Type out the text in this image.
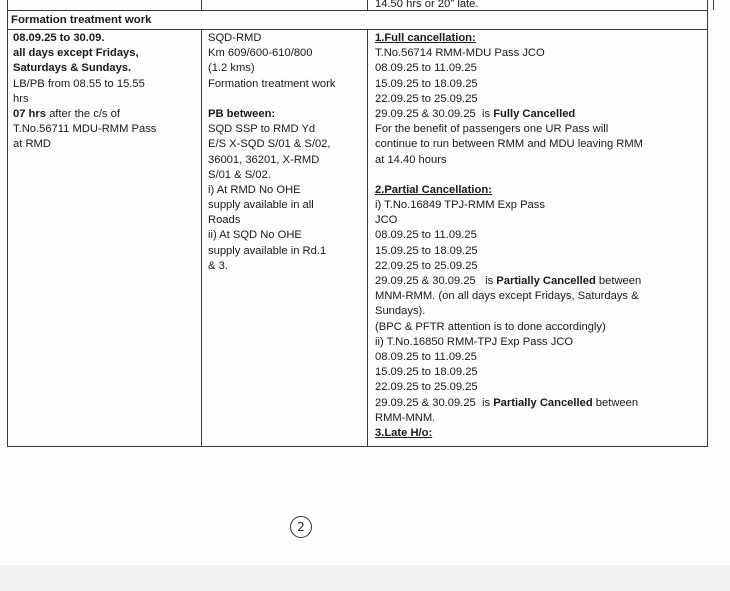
14.50 hrs or 20" late.
Formation treatment work
08.09.25 to 30.09.
all days except Fridays,
Saturdays & Sundays.
LB/PB from 08.55 to 15.55
hrs
07 hrs after the c/s of
T.No.56711 MDU-RMM Pass
at RMD
SQD-RMD
Km 609/600-610/800
(1.2 kms)
Formation treatment work
PB between:
SQD SSP to RMD Yd
E/S X-SQD S/01 & S/02,
36001, 36201, X-RMD
S/01 & S/02.
i) At RMD No OHE
supply available in all
Roads
ii) At SQD No OHE
supply available in Rd.1
& 3.
1.Full cancellation:
T.No.56714 RMM-MDU Pass JCO
08.09.25 to 11.09.25
15.09.25 to 18.09.25
22.09.25 to 25.09.25
29.09.25 & 30.09.25  is Fully Cancelled
For the benefit of passengers one UR Pass will
continue to run between RMM and MDU leaving RMM
at 14.40 hours
2.Partial Cancellation:
i) T.No.16849 TPJ-RMM Exp Pass
JCO
08.09.25 to 11.09.25
15.09.25 to 18.09.25
22.09.25 to 25.09.25
29.09.25 & 30.09.25   is Partially Cancelled between
MNM-RMM. (on all days except Fridays, Saturdays &
Sundays).
(BPC & PFTR attention is to done accordingly)
ii) T.No.16850 RMM-TPJ Exp Pass JCO
08.09.25 to 11.09.25
15.09.25 to 18.09.25
22.09.25 to 25.09.25
29.09.25 & 30.09.25  is Partially Cancelled between
RMM-MNM.
3.Late H/o:
2
